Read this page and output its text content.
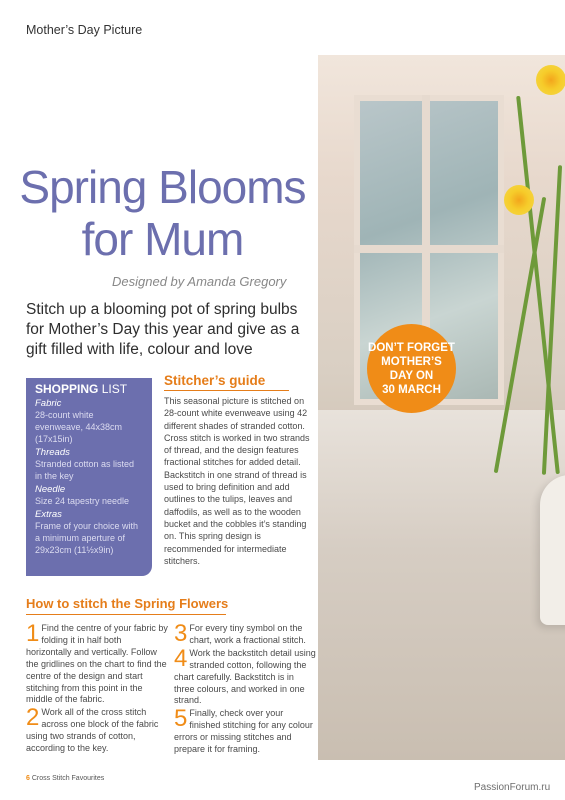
Mother’s Day Picture
DON’T FORGET
MOTHER’S
DAY ON
30 MARCH
Spring Blooms
for Mum
Designed by Amanda Gregory
Stitch up a blooming pot of spring bulbs for Mother’s Day this year and give as a gift filled with life, colour and love
SHOPPING LIST
Fabric
28-count white evenweave, 44x38cm (17x15in)
Threads
Stranded cotton as listed in the key
Needle
Size 24 tapestry needle
Extras
Frame of your choice with a minimum aperture of 29x23cm (11½x9in)
Stitcher’s guide
This seasonal picture is stitched on 28-count white evenweave using 42 different shades of stranded cotton. Cross stitch is worked in two strands of thread, and the design features fractional stitches for added detail. Backstitch in one strand of thread is used to bring definition and add outlines to the tulips, leaves and daffodils, as well as to the wooden bucket and the cobbles it’s standing on. This spring design is recommended for intermediate stitchers.
How to stitch the Spring Flowers
1 Find the centre of your fabric by folding it in half both horizontally and vertically. Follow the gridlines on the chart to find the centre of the design and start stitching from this point in the middle of the fabric.
2 Work all of the cross stitch across one block of the fabric using two strands of cotton, according to the key.
3 For every tiny symbol on the chart, work a fractional stitch.
4 Work the backstitch detail using stranded cotton, following the chart carefully. Backstitch is in three colours, and worked in one strand.
5 Finally, check over your finished stitching for any colour errors or missing stitches and prepare it for framing.
6 Cross Stitch Favourites
PassionForum.ru
